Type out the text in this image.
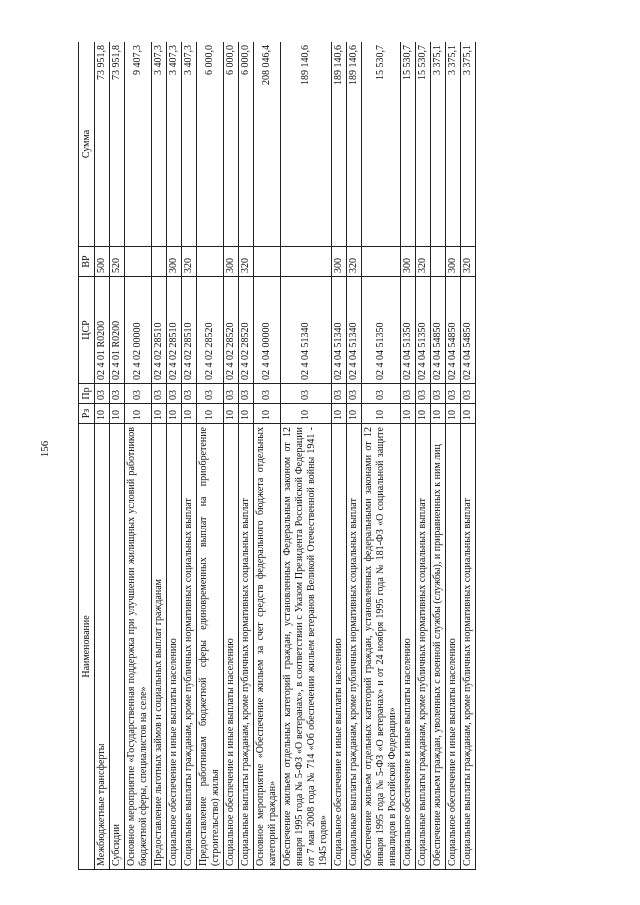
156
Наименование	Рз	Пр	ЦСР	ВР	Сумма
Межбюджетные трансферты	10	03	02 4 01 R0200	500	73 951,8
Субсидии	10	03	02 4 01 R0200	520	73 951,8
Основное мероприятие «Государственная поддержка при улучшении жилищных условий работников бюджетной сферы, специалистов на селе»	10	03	02 4 02 00000		9 407,3
Предоставление льготных займов и социальных выплат гражданам	10	03	02 4 02 28510		3 407,3
Социальное обеспечение и иные выплаты населению	10	03	02 4 02 28510	300	3 407,3
Социальные выплаты гражданам, кроме публичных нормативных социальных выплат	10	03	02 4 02 28510	320	3 407,3
Предоставление работникам бюджетной сферы единовременных выплат на приобретение (строительство) жилья	10	03	02 4 02 28520		6 000,0
Социальное обеспечение и иные выплаты населению	10	03	02 4 02 28520	300	6 000,0
Социальные выплаты гражданам, кроме публичных нормативных социальных выплат	10	03	02 4 02 28520	320	6 000,0
Основное мероприятие «Обеспечение жильем за счет средств федерального бюджета отдельных категорий граждан»	10	03	02 4 04 00000		208 046,4
Обеспечение жильем отдельных категорий граждан, установленных Федеральным законом от 12 января 1995 года № 5-ФЗ «О ветеранах», в соответствии с Указом Президента Российской Федерации от 7 мая 2008 года № 714 «Об обеспечении жильем ветеранов Великой Отечественной войны 1941 - 1945 годов»	10	03	02 4 04 51340		189 140,6
Социальное обеспечение и иные выплаты населению	10	03	02 4 04 51340	300	189 140,6
Социальные выплаты гражданам, кроме публичных нормативных социальных выплат	10	03	02 4 04 51340	320	189 140,6
Обеспечение жильем отдельных категорий граждан, установленных федеральными законами от 12 января 1995 года № 5-ФЗ «О ветеранах» и от 24 ноября 1995 года № 181-ФЗ «О социальной защите инвалидов в Российской Федерации»	10	03	02 4 04 51350		15 530,7
Социальное обеспечение и иные выплаты населению	10	03	02 4 04 51350	300	15 530,7
Социальные выплаты гражданам, кроме публичных нормативных социальных выплат	10	03	02 4 04 51350	320	15 530,7
Обеспечение жильем граждан, уволенных с военной службы (службы), и приравненных к ним лиц	10	03	02 4 04 54850		3 375,1
Социальное обеспечение и иные выплаты населению	10	03	02 4 04 54850	300	3 375,1
Социальные выплаты гражданам, кроме публичных нормативных социальных выплат	10	03	02 4 04 54850	320	3 375,1
